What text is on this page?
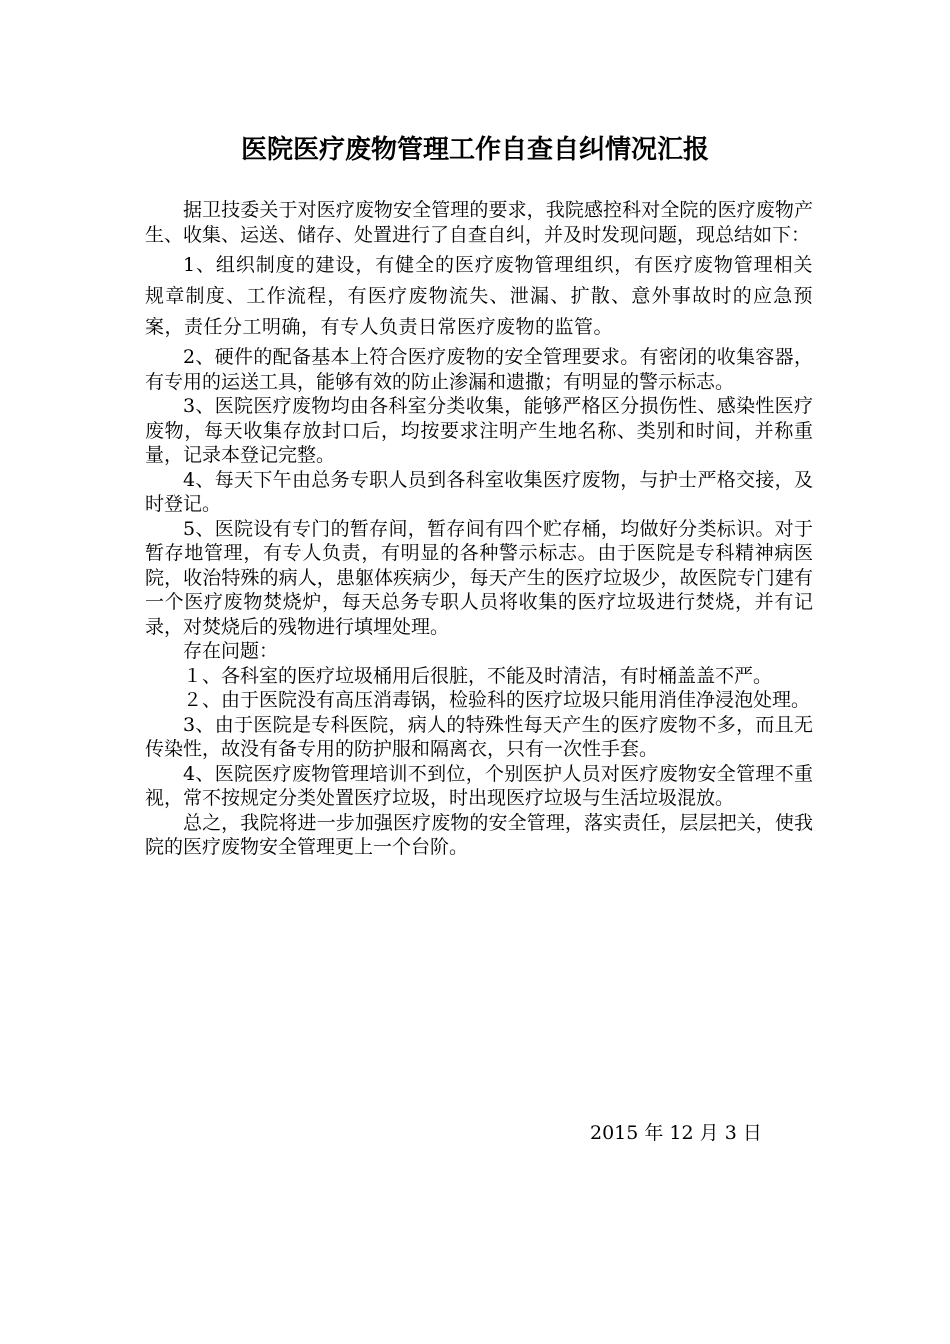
医院医疗废物管理工作自查自纠情况汇报

据卫技委关于对医疗废物安全管理的要求，我院感控科对全院的医疗废物产生、收集、运送、储存、处置进行了自查自纠，并及时发现问题，现总结如下：

1、组织制度的建设，有健全的医疗废物管理组织，有医疗废物管理相关规章制度、工作流程，有医疗废物流失、泄漏、扩散、意外事故时的应急预案，责任分工明确，有专人负责日常医疗废物的监管。

2、硬件的配备基本上符合医疗废物的安全管理要求。有密闭的收集容器，有专用的运送工具，能够有效的防止渗漏和遗撒；有明显的警示标志。

3、医院医疗废物均由各科室分类收集，能够严格区分损伤性、感染性医疗废物，每天收集存放封口后，均按要求注明产生地名称、类别和时间，并称重量，记录本登记完整。

4、每天下午由总务专职人员到各科室收集医疗废物，与护士严格交接，及时登记。

5、医院设有专门的暂存间，暂存间有四个贮存桶，均做好分类标识。对于暂存地管理，有专人负责，有明显的各种警示标志。由于医院是专科精神病医院，收治特殊的病人，患躯体疾病少，每天产生的医疗垃圾少，故医院专门建有一个医疗废物焚烧炉，每天总务专职人员将收集的医疗垃圾进行焚烧，并有记录，对焚烧后的残物进行填埋处理。

存在问题：

１、各科室的医疗垃圾桶用后很脏，不能及时清洁，有时桶盖盖不严。

２、由于医院没有高压消毒锅，检验科的医疗垃圾只能用消佳净浸泡处理。

3、由于医院是专科医院，病人的特殊性每天产生的医疗废物不多，而且无传染性，故没有备专用的防护服和隔离衣，只有一次性手套。

4、医院医疗废物管理培训不到位，个别医护人员对医疗废物安全管理不重视，常不按规定分类处置医疗垃圾，时出现医疗垃圾与生活垃圾混放。

总之，我院将进一步加强医疗废物的安全管理，落实责任，层层把关，使我院的医疗废物安全管理更上一个台阶。

2015 年 12 月 3 日
